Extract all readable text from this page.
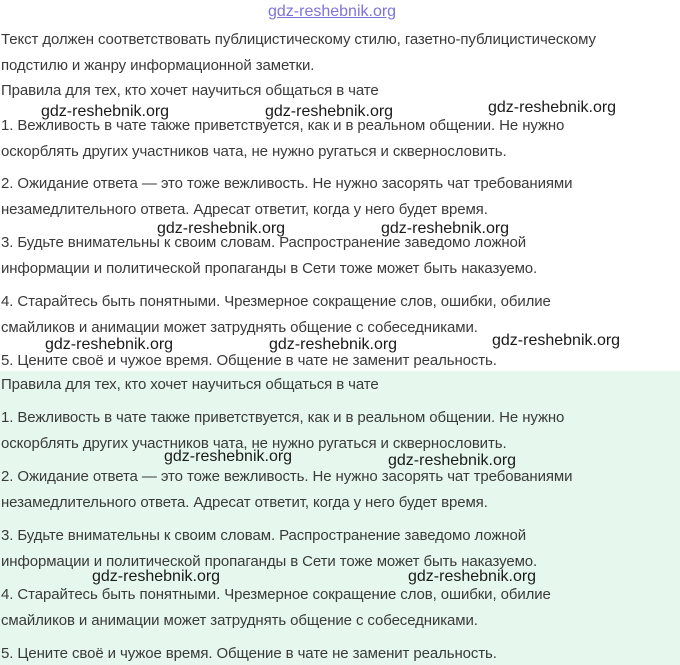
gdz-reshebnik.org
Текст должен соответствовать публицистическому стилю, газетно-публицистическому
подстилю и жанру информационной заметки.
Правила для тех, кто хочет научиться общаться в чате
1. Вежливость в чате также приветствуется, как и в реальном общении. Не нужно
оскорблять других участников чата, не нужно ругаться и сквернословить.
2. Ожидание ответа — это тоже вежливость. Не нужно засорять чат требованиями
незамедлительного ответа. Адресат ответит, когда у него будет время.
3. Будьте внимательны к своим словам. Распространение заведомо ложной
информации и политической пропаганды в Сети тоже может быть наказуемо.
4. Старайтесь быть понятными. Чрезмерное сокращение слов, ошибки, обилие
смайликов и анимации может затруднять общение с собеседниками.
5. Цените своё и чужое время. Общение в чате не заменит реальность.
Правила для тех, кто хочет научиться общаться в чате
1. Вежливость в чате также приветствуется, как и в реальном общении. Не нужно
оскорблять других участников чата, не нужно ругаться и сквернословить.
2. Ожидание ответа — это тоже вежливость. Не нужно засорять чат требованиями
незамедлительного ответа. Адресат ответит, когда у него будет время.
3. Будьте внимательны к своим словам. Распространение заведомо ложной
информации и политической пропаганды в Сети тоже может быть наказуемо.
4. Старайтесь быть понятными. Чрезмерное сокращение слов, ошибки, обилие
смайликов и анимации может затруднять общение с собеседниками.
5. Цените своё и чужое время. Общение в чате не заменит реальность.
gdz-reshebnik.org	gdz-reshebnik.org	gdz-reshebnik.org
gdz-reshebnik.org	gdz-reshebnik.org
gdz-reshebnik.org	gdz-reshebnik.org	gdz-reshebnik.org
gdz-reshebnik.org	gdz-reshebnik.org
gdz-reshebnik.org	gdz-reshebnik.org
